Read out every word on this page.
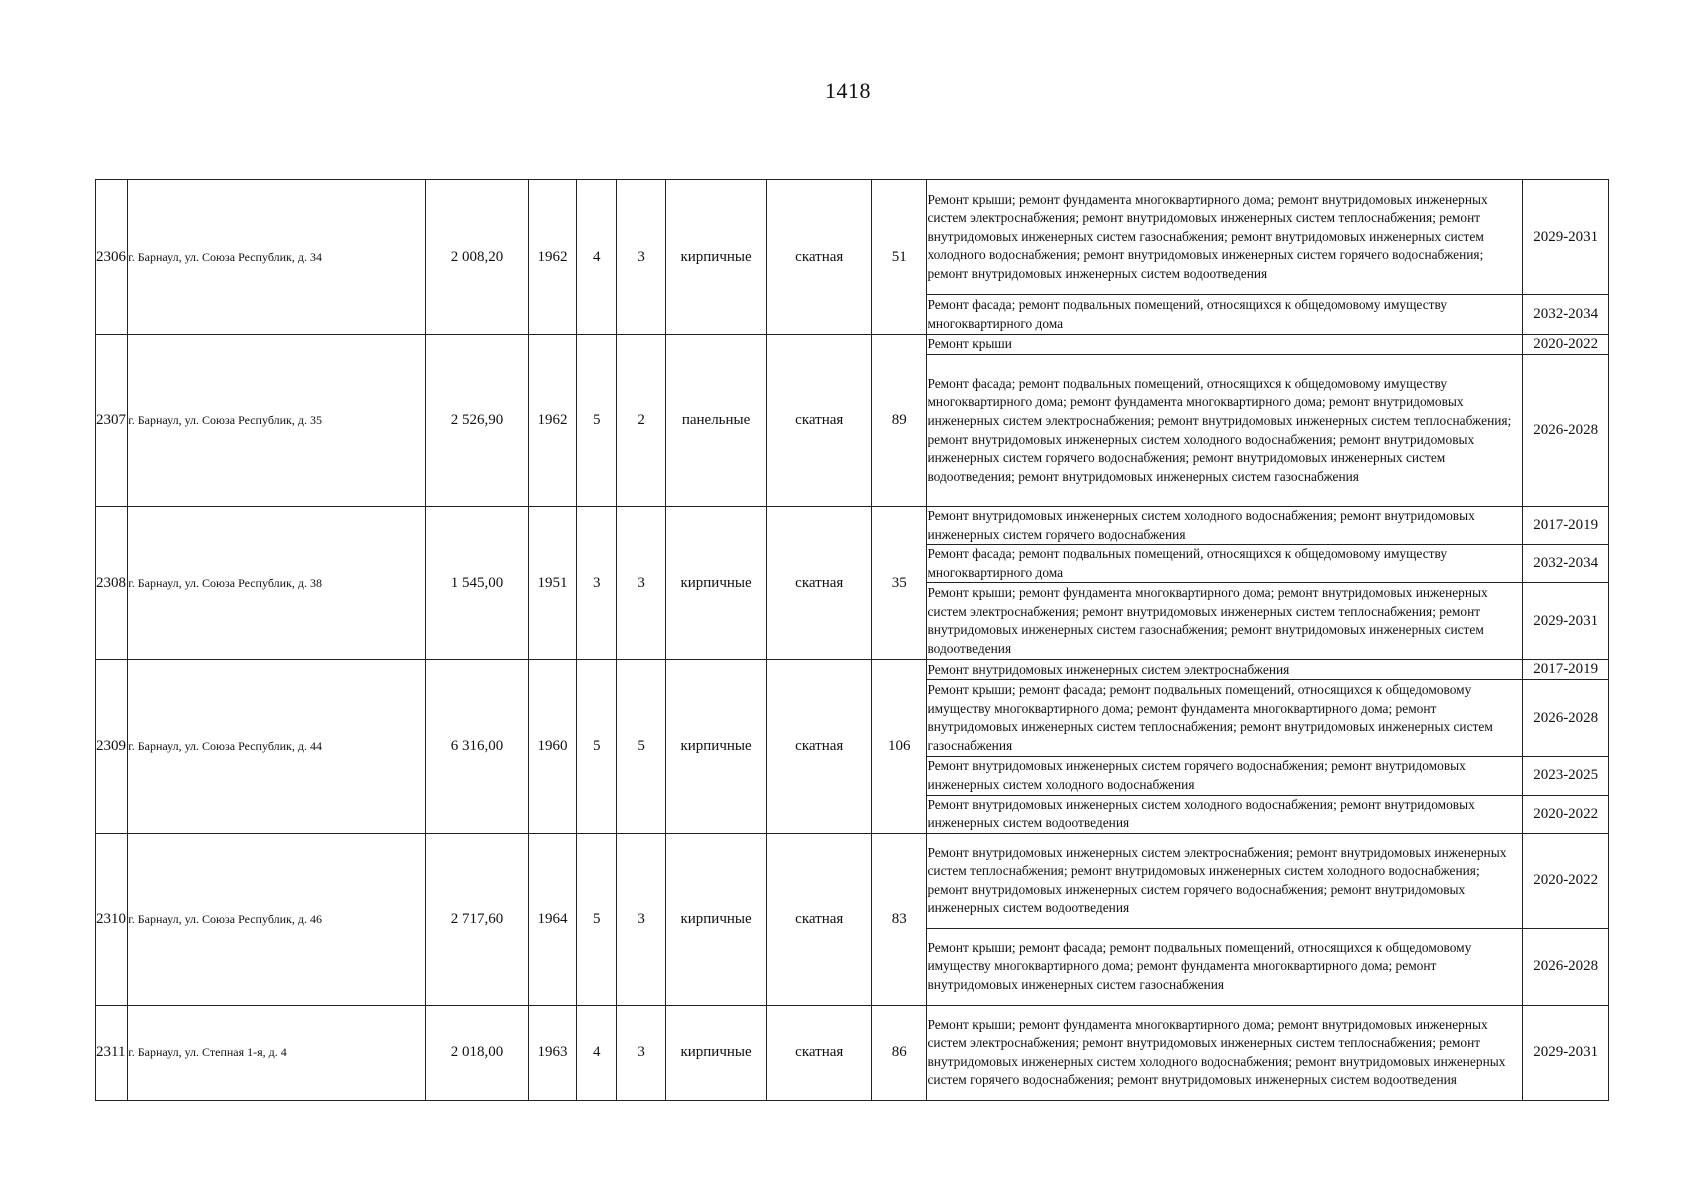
1418
2306	г. Барнаул, ул. Союза Республик, д. 34	2 008,20	1962	4	3	кирпичные	скатная	51	Ремонт крыши; ремонт фундамента многоквартирного дома; ремонт внутридомовых инженерных систем электроснабжения; ремонт внутридомовых инженерных систем теплоснабжения; ремонт внутридомовых инженерных систем газоснабжения; ремонт внутридомовых инженерных систем холодного водоснабжения; ремонт внутридомовых инженерных систем горячего водоснабжения; ремонт внутридомовых инженерных систем водоотведения	2029-2031
									Ремонт фасада; ремонт подвальных помещений, относящихся к общедомовому имуществу многоквартирного дома	2032-2034
2307	г. Барнаул, ул. Союза Республик, д. 35	2 526,90	1962	5	2	панельные	скатная	89	Ремонт крыши	2020-2022
									Ремонт фасада; ремонт подвальных помещений, относящихся к общедомовому имуществу многоквартирного дома; ремонт фундамента многоквартирного дома; ремонт внутридомовых инженерных систем электроснабжения; ремонт внутридомовых инженерных систем теплоснабжения; ремонт внутридомовых инженерных систем холодного водоснабжения; ремонт внутридомовых инженерных систем горячего водоснабжения; ремонт внутридомовых инженерных систем водоотведения; ремонт внутридомовых инженерных систем газоснабжения	2026-2028
2308	г. Барнаул, ул. Союза Республик, д. 38	1 545,00	1951	3	3	кирпичные	скатная	35	Ремонт внутридомовых инженерных систем холодного водоснабжения; ремонт внутридомовых инженерных систем горячего водоснабжения	2017-2019
									Ремонт фасада; ремонт подвальных помещений, относящихся к общедомовому имуществу многоквартирного дома	2032-2034
									Ремонт крыши; ремонт фундамента многоквартирного дома; ремонт внутридомовых инженерных систем электроснабжения; ремонт внутридомовых инженерных систем теплоснабжения; ремонт внутридомовых инженерных систем газоснабжения; ремонт внутридомовых инженерных систем водоотведения	2029-2031
2309	г. Барнаул, ул. Союза Республик, д. 44	6 316,00	1960	5	5	кирпичные	скатная	106	Ремонт внутридомовых инженерных систем электроснабжения	2017-2019
									Ремонт крыши; ремонт фасада; ремонт подвальных помещений, относящихся к общедомовому имуществу многоквартирного дома; ремонт фундамента многоквартирного дома; ремонт внутридомовых инженерных систем теплоснабжения; ремонт внутридомовых инженерных систем газоснабжения	2026-2028
									Ремонт внутридомовых инженерных систем горячего водоснабжения; ремонт внутридомовых инженерных систем холодного водоснабжения	2023-2025
									Ремонт внутридомовых инженерных систем холодного водоснабжения; ремонт внутридомовых инженерных систем водоотведения	2020-2022
2310	г. Барнаул, ул. Союза Республик, д. 46	2 717,60	1964	5	3	кирпичные	скатная	83	Ремонт внутридомовых инженерных систем электроснабжения; ремонт внутридомовых инженерных систем теплоснабжения; ремонт внутридомовых инженерных систем холодного водоснабжения; ремонт внутридомовых инженерных систем горячего водоснабжения; ремонт внутридомовых инженерных систем водоотведения	2020-2022
									Ремонт крыши; ремонт фасада; ремонт подвальных помещений, относящихся к общедомовому имуществу многоквартирного дома; ремонт фундамента многоквартирного дома; ремонт внутридомовых инженерных систем газоснабжения	2026-2028
2311	г. Барнаул, ул. Степная 1-я, д. 4	2 018,00	1963	4	3	кирпичные	скатная	86	Ремонт крыши; ремонт фундамента многоквартирного дома; ремонт внутридомовых инженерных систем электроснабжения; ремонт внутридомовых инженерных систем теплоснабжения; ремонт внутридомовых инженерных систем холодного водоснабжения; ремонт внутридомовых инженерных систем горячего водоснабжения; ремонт внутридомовых инженерных систем водоотведения	2029-2031
